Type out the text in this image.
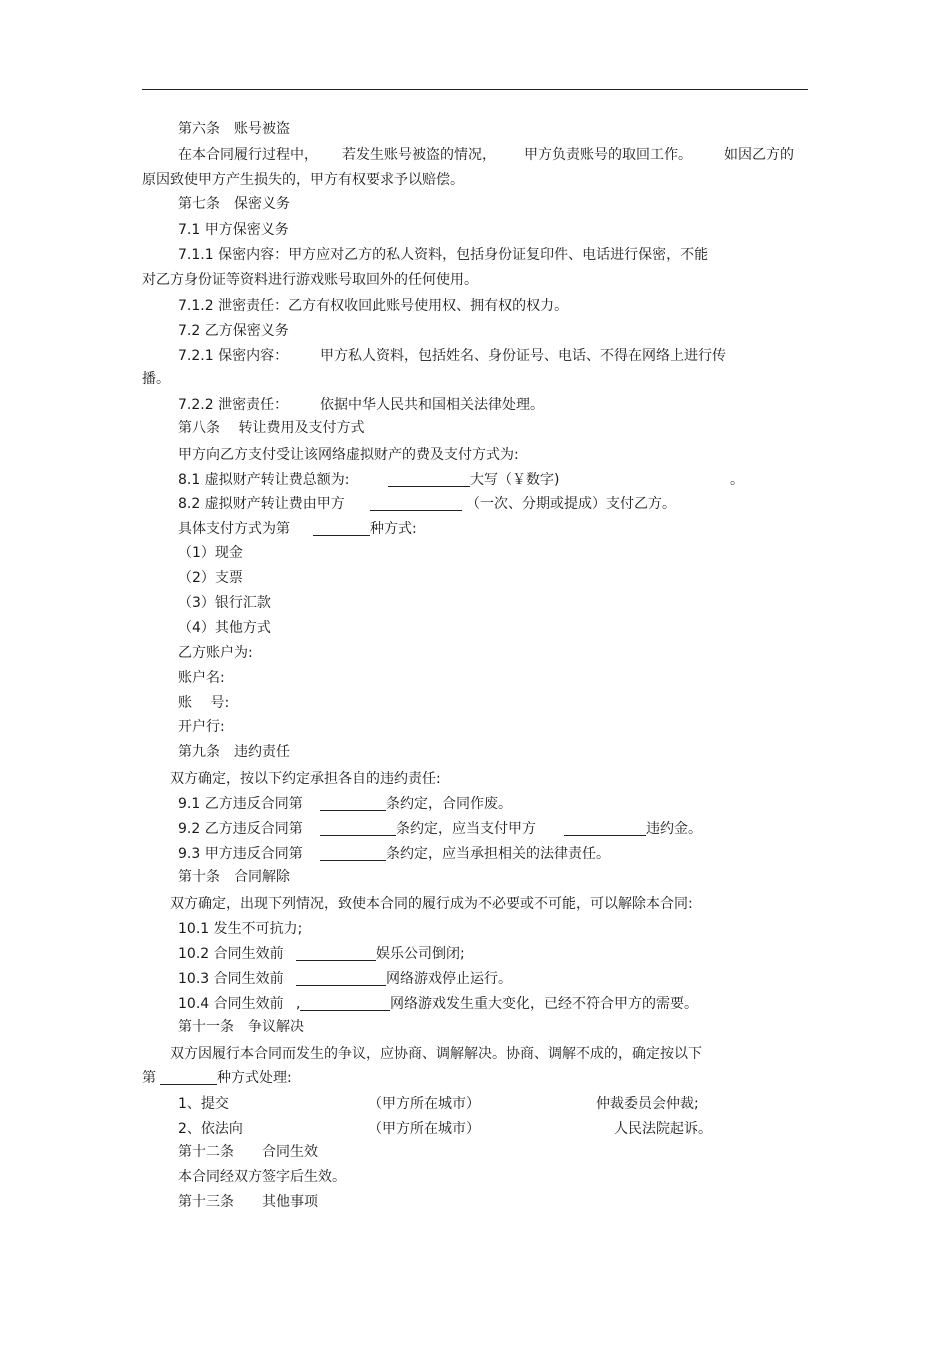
第六条　账号被盗
在本合同履行过程中， 若发生账号被盗的情况， 甲方负责账号的取回工作。 如因乙方的
原因致使甲方产生损失的，甲方有权要求予以赔偿。
第七条　保密义务
7.1 甲方保密义务
7.1.1 保密内容：甲方应对乙方的私人资料，包括身份证复印件、电话进行保密，不能
对乙方身份证等资料进行游戏账号取回外的任何使用。
7.1.2 泄密责任：乙方有权收回此账号使用权、拥有权的权力。
7.2 乙方保密义务
7.2.1 保密内容： 甲方私人资料，包括姓名、身份证号、电话、不得在网络上进行传
播。
7.2.2 泄密责任： 依据中华人民共和国相关法律处理。
第八条　 转让费用及支付方式
甲方向乙方支付受让该网络虚拟财产的费及支付方式为:
8.1 虚拟财产转让费总额为:	大写（￥数字)	。
8.2 虚拟财产转让费由甲方	（一次、分期或提成）支付乙方。
具体支付方式为第	种方式:
（1）现金
（2）支票
（3）银行汇款
（4）其他方式
乙方账户为:
账户名:
账　 号:
开户行:
第九条　违约责任
双方确定，按以下约定承担各自的违约责任:
9.1 乙方违反合同第	条约定，合同作废。
9.2 乙方违反合同第	条约定，应当支付甲方	违约金。
9.3 甲方违反合同第	条约定，应当承担相关的法律责任。
第十条　合同解除
双方确定，出现下列情况，致使本合同的履行成为不必要或不可能，可以解除本合同:
10.1 发生不可抗力;
10.2 合同生效前	娱乐公司倒闭;
10.3 合同生效前	网络游戏停止运行。
10.4 合同生效前 ,	网络游戏发生重大变化，已经不符合甲方的需要。
第十一条　争议解决
双方因履行本合同而发生的争议，应协商、调解解决。协商、调解不成的，确定按以下
第	种方式处理:
1、提交	（甲方所在城市）	仲裁委员会仲裁;
2、依法向	（甲方所在城市）	人民法院起诉。
第十二条　　合同生效
本合同经双方签字后生效。
第十三条　　其他事项
